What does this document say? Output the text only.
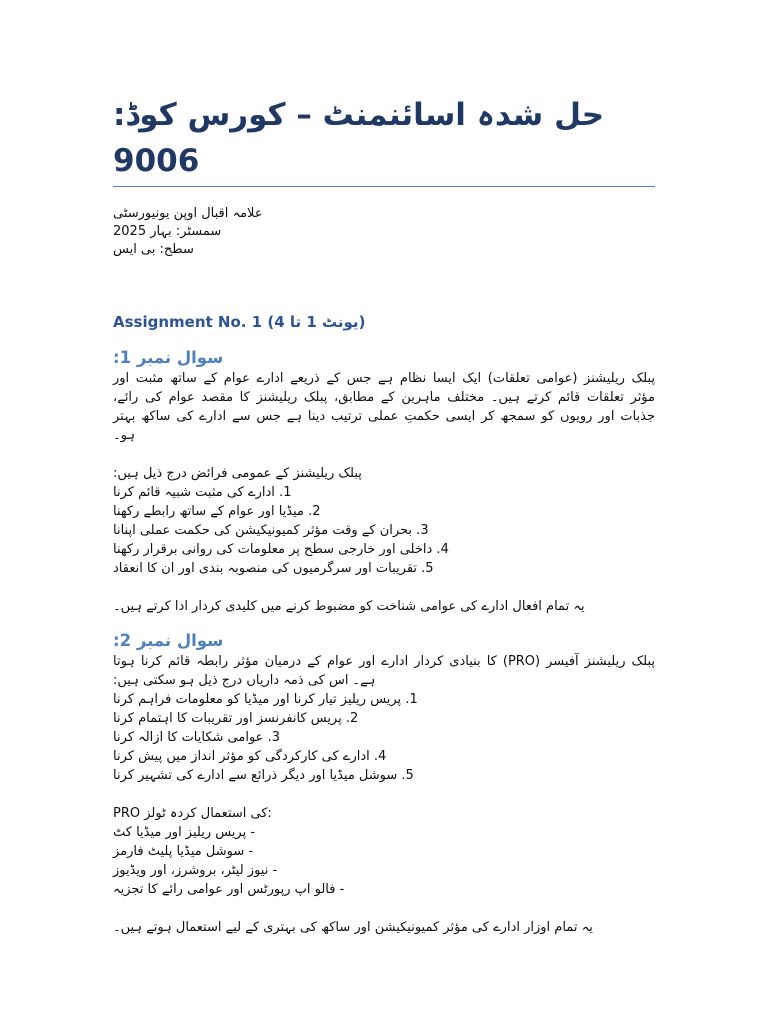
حل شدہ اسائنمنٹ – کورس کوڈ: 9006
علامہ اقبال اوپن یونیورسٹی
سمسٹر: بہار 2025
سطح: بی ایس
Assignment No. 1 (یونٹ 1 تا 4)
سوال نمبر 1:
پبلک ریلیشنز (عوامی تعلقات) ایک ایسا نظام ہے جس کے ذریعے ادارے عوام کے ساتھ مثبت اور
مؤثر تعلقات قائم کرتے ہیں۔ مختلف ماہرین کے مطابق، پبلک ریلیشنز کا مقصد عوام کی رائے،
جذبات اور رویوں کو سمجھ کر ایسی حکمتِ عملی ترتیب دینا ہے جس سے ادارے کی ساکھ بہتر
ہو۔
پبلک ریلیشنز کے عمومی فرائض درج ذیل ہیں:
1. ادارے کی مثبت شبیہ قائم کرنا
2. میڈیا اور عوام کے ساتھ رابطے رکھنا
3. بحران کے وقت مؤثر کمیونیکیشن کی حکمت عملی اپنانا
4. داخلی اور خارجی سطح پر معلومات کی روانی برقرار رکھنا
5. تقریبات اور سرگرمیوں کی منصوبہ بندی اور ان کا انعقاد
یہ تمام افعال ادارے کی عوامی شناخت کو مضبوط کرنے میں کلیدی کردار ادا کرتے ہیں۔
سوال نمبر 2:
پبلک ریلیشنز آفیسر (PRO) کا بنیادی کردار ادارے اور عوام کے درمیان مؤثر رابطہ قائم کرنا ہوتا
ہے۔ اس کی ذمہ داریاں درج ذیل ہو سکتی ہیں:
1. پریس ریلیز تیار کرنا اور میڈیا کو معلومات فراہم کرنا
2. پریس کانفرنسز اور تقریبات کا اہتمام کرنا
3. عوامی شکایات کا ازالہ کرنا
4. ادارے کی کارکردگی کو مؤثر انداز میں پیش کرنا
5. سوشل میڈیا اور دیگر ذرائع سے ادارے کی تشہیر کرنا
PRO کی استعمال کردہ ٹولز:
- پریس ریلیز اور میڈیا کٹ
- سوشل میڈیا پلیٹ فارمز
- نیوز لیٹر، بروشرز، اور ویڈیوز
- فالو اپ رپورٹس اور عوامی رائے کا تجزیہ
یہ تمام اوزار ادارے کی مؤثر کمیونیکیشن اور ساکھ کی بہتری کے لیے استعمال ہوتے ہیں۔
